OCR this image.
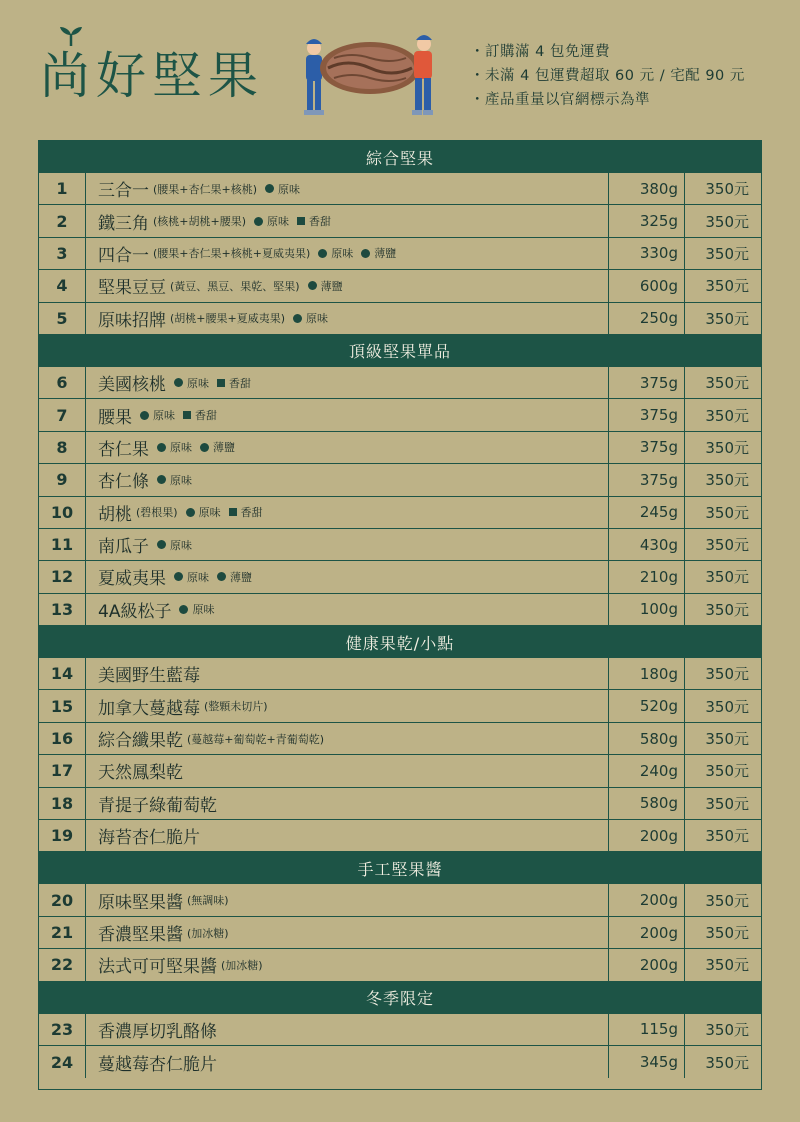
尚好堅果
・	訂購滿 4 包免運費
・ 未滿 4 包運費超取 60 元 / 宅配 90 元
・ 產品重量以官網標示為準
綜合堅果
1	三合一 (腰果+杏仁果+核桃) 原味	380g	350元
2	鐵三角 (核桃+胡桃+腰果) 原味 香甜	325g	350元
3	四合一 (腰果+杏仁果+核桃+夏威夷果) 原味 薄鹽	330g	350元
4	堅果豆豆 (黃豆、黑豆、果乾、堅果) 薄鹽	600g	350元
5	原味招牌 (胡桃+腰果+夏威夷果) 原味	250g	350元
頂級堅果單品
6	美國核桃 原味 香甜	375g	350元
7	腰果 原味 香甜	375g	350元
8	杏仁果 原味 薄鹽	375g	350元
9	杏仁條 原味	375g	350元
10	胡桃 (碧根果) 原味 香甜	245g	350元
11	南瓜子 原味	430g	350元
12	夏威夷果 原味 薄鹽	210g	350元
13	4A級松子 原味	100g	350元
健康果乾/小點
14	美國野生藍莓	180g	350元
15	加拿大蔓越莓 (整顆未切片)	520g	350元
16	綜合纖果乾 (蔓越莓+葡萄乾+青葡萄乾)	580g	350元
17	天然鳳梨乾	240g	350元
18	青提子綠葡萄乾	580g	350元
19	海苔杏仁脆片	200g	350元
手工堅果醬
20	原味堅果醬 (無調味)	200g	350元
21	香濃堅果醬 (加冰糖)	200g	350元
22	法式可可堅果醬 (加冰糖)	200g	350元
冬季限定
23	香濃厚切乳酪條	115g	350元
24	蔓越莓杏仁脆片	345g	350元
